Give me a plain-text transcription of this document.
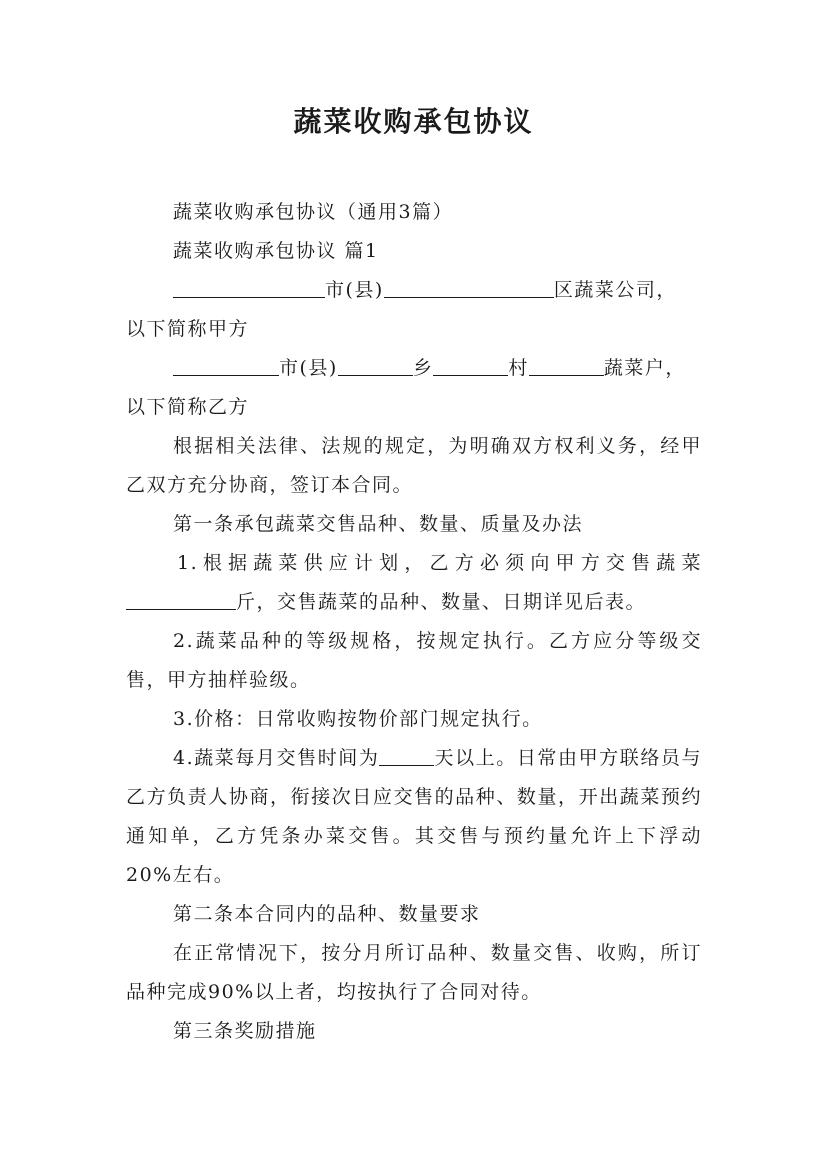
蔬菜收购承包协议

蔬菜收购承包协议（通用3篇）

蔬菜收购承包协议 篇1

市(县)	区蔬菜公司，
以下简称甲方

市(县)	乡	村	蔬菜户，
以下简称乙方

根据相关法律、法规的规定，为明确双方权利义务，经甲乙双方充分协商，签订本合同。

第一条承包蔬菜交售品种、数量、质量及办法

1.根据蔬菜供应计划，乙方必须向甲方交售蔬菜斤，交售蔬菜的品种、数量、日期详见后表。

2.蔬菜品种的等级规格，按规定执行。乙方应分等级交售，甲方抽样验级。

3.价格：日常收购按物价部门规定执行。

4.蔬菜每月交售时间为	天以上。日常由甲方联络员与乙方负责人协商，衔接次日应交售的品种、数量，开出蔬菜预约通知单，乙方凭条办菜交售。其交售与预约量允许上下浮动20%左右。

第二条本合同内的品种、数量要求

在正常情况下，按分月所订品种、数量交售、收购，所订品种完成90%以上者，均按执行了合同对待。

第三条奖励措施
